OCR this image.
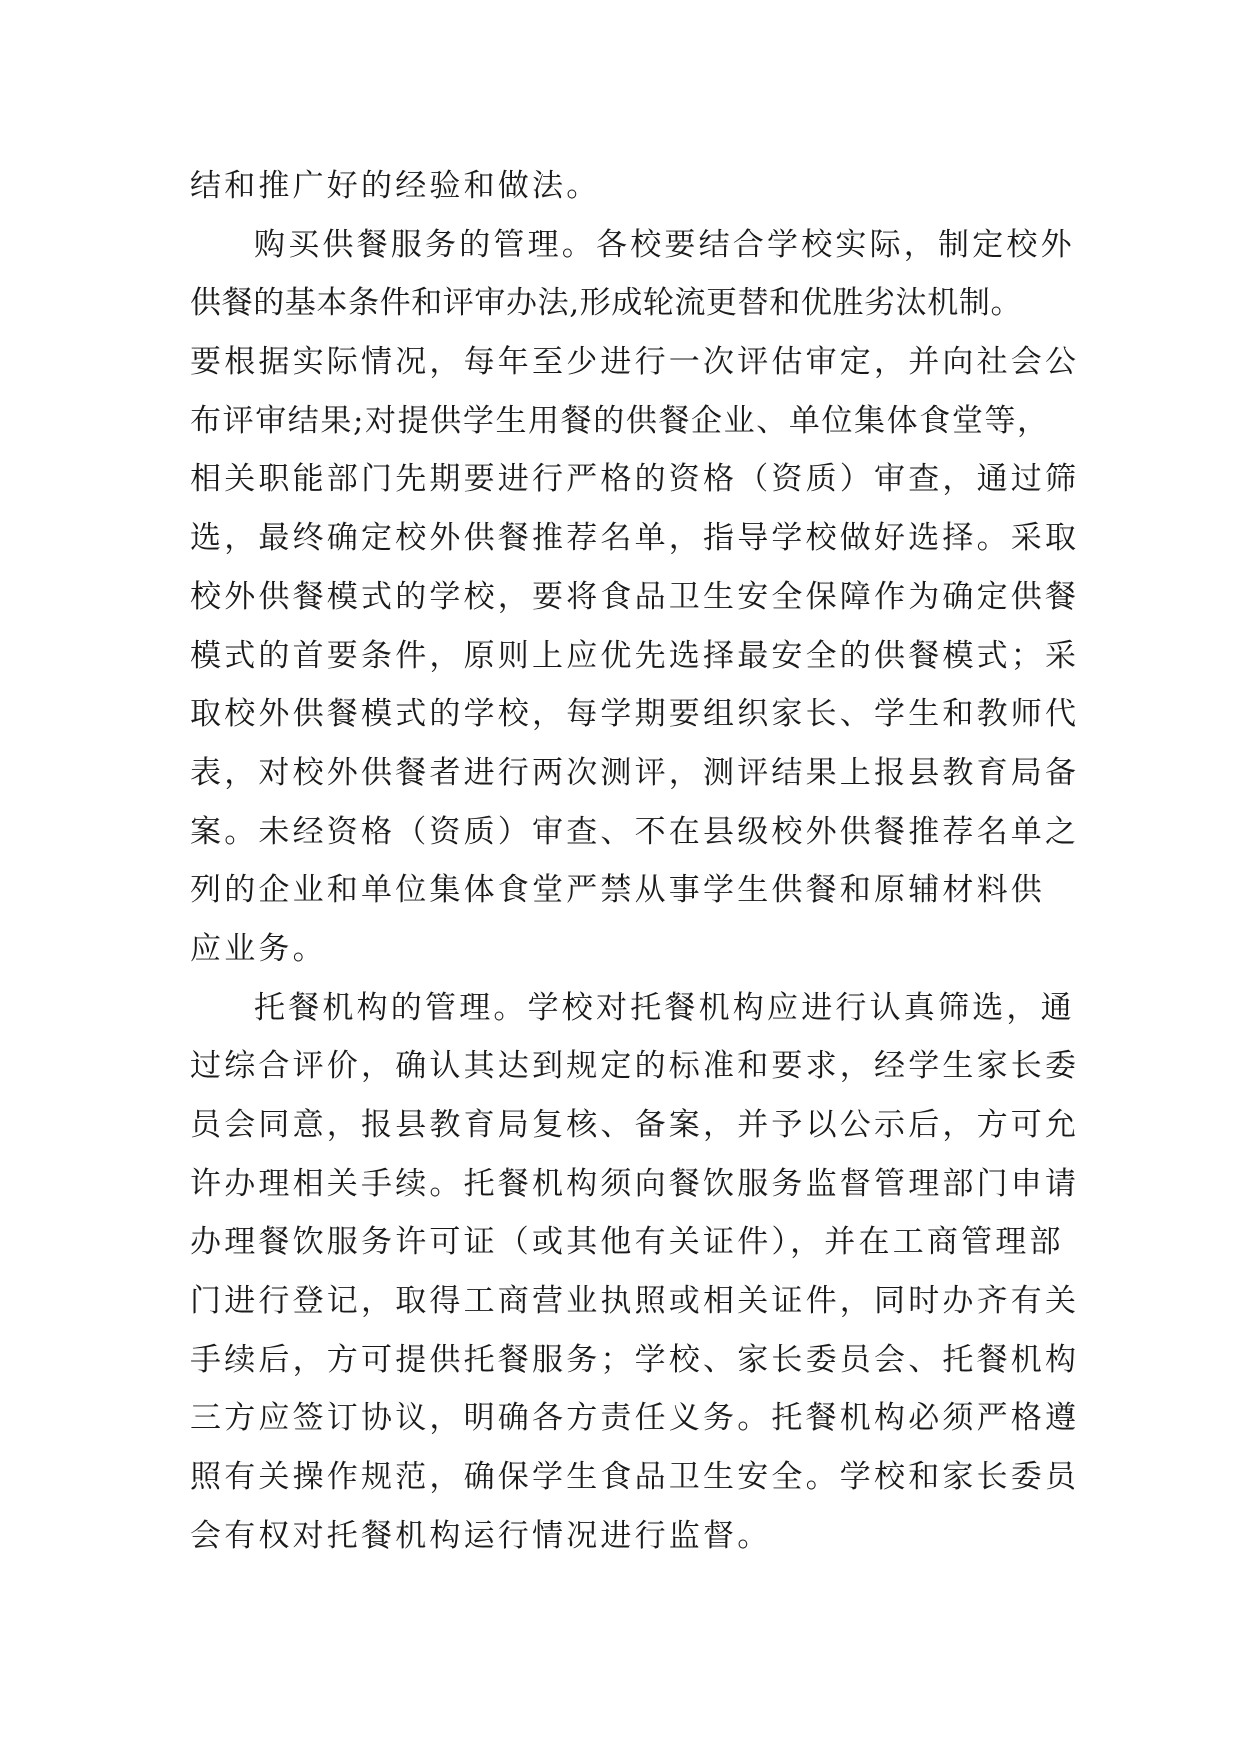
结和推广好的经验和做法。
购买供餐服务的管理。各校要结合学校实际，制定校外
供餐的基本条件和评审办法,形成轮流更替和优胜劣汰机制。
要根据实际情况，每年至少进行一次评估审定，并向社会公
布评审结果;对提供学生用餐的供餐企业、单位集体食堂等，
相关职能部门先期要进行严格的资格（资质）审查，通过筛
选，最终确定校外供餐推荐名单，指导学校做好选择。采取
校外供餐模式的学校，要将食品卫生安全保障作为确定供餐
模式的首要条件，原则上应优先选择最安全的供餐模式；采
取校外供餐模式的学校，每学期要组织家长、学生和教师代
表，对校外供餐者进行两次测评，测评结果上报县教育局备
案。未经资格（资质）审查、不在县级校外供餐推荐名单之
列的企业和单位集体食堂严禁从事学生供餐和原辅材料供
应业务。
托餐机构的管理。学校对托餐机构应进行认真筛选，通
过综合评价，确认其达到规定的标准和要求，经学生家长委
员会同意，报县教育局复核、备案，并予以公示后，方可允
许办理相关手续。托餐机构须向餐饮服务监督管理部门申请
办理餐饮服务许可证（或其他有关证件），并在工商管理部
门进行登记，取得工商营业执照或相关证件，同时办齐有关
手续后，方可提供托餐服务；学校、家长委员会、托餐机构
三方应签订协议，明确各方责任义务。托餐机构必须严格遵
照有关操作规范，确保学生食品卫生安全。学校和家长委员
会有权对托餐机构运行情况进行监督。
